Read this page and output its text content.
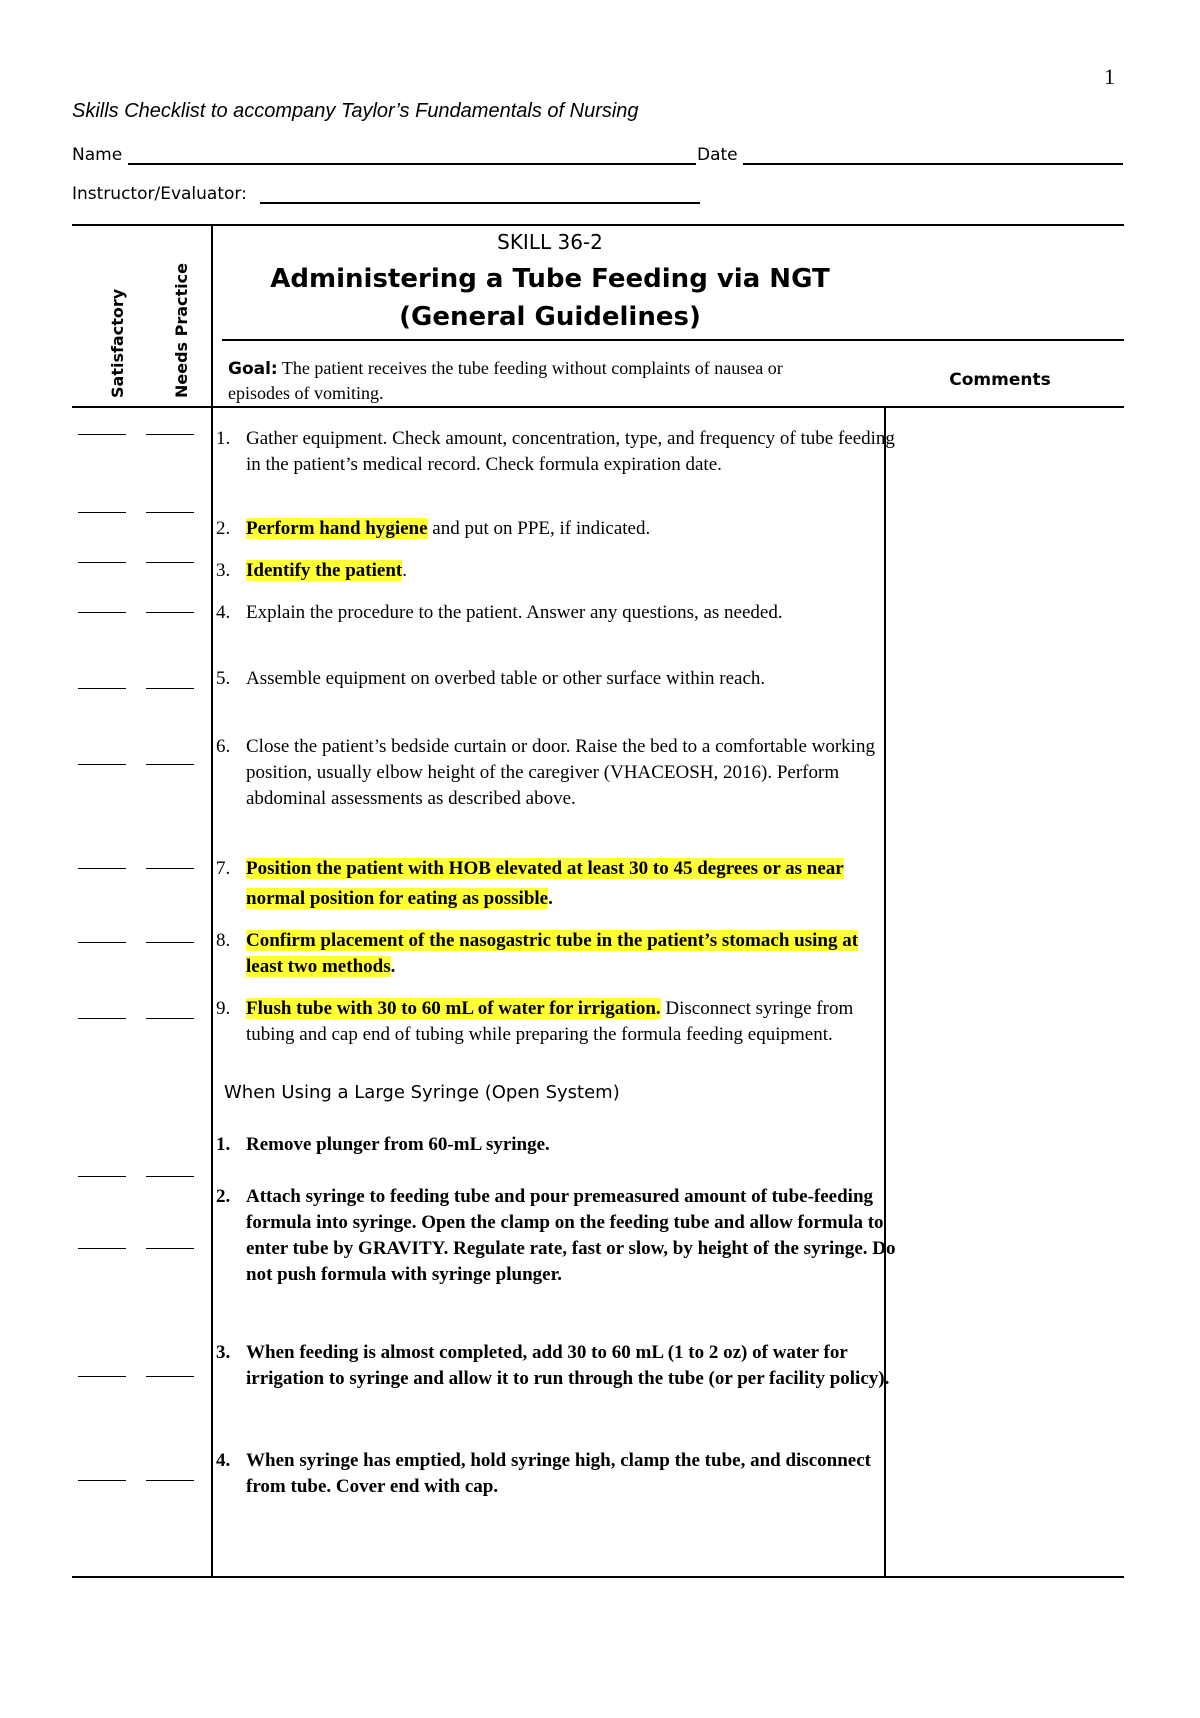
1
Skills Checklist to accompany Taylor’s Fundamentals of Nursing
Name	Date
Instructor/Evaluator:
Satisfactory	Needs Practice
SKILL 36-2
Administering a Tube Feeding via NGT
(General Guidelines)
Goal: The patient receives the tube feeding without complaints of nausea or episodes of vomiting.
Comments
1. Gather equipment. Check amount, concentration, type, and frequency of tube feeding in the patient’s medical record. Check formula expiration date.
2. Perform hand hygiene and put on PPE, if indicated.
3. Identify the patient.
4. Explain the procedure to the patient. Answer any questions, as needed.
5. Assemble equipment on overbed table or other surface within reach.
6. Close the patient’s bedside curtain or door. Raise the bed to a comfortable working position, usually elbow height of the caregiver (VHACEOSH, 2016). Perform abdominal assessments as described above.
7. Position the patient with HOB elevated at least 30 to 45 degrees or as near normal position for eating as possible.
8. Confirm placement of the nasogastric tube in the patient’s stomach using at least two methods.
9. Flush tube with 30 to 60 mL of water for irrigation. Disconnect syringe from tubing and cap end of tubing while preparing the formula feeding equipment.
When Using a Large Syringe (Open System)
1. Remove plunger from 60-mL syringe.
2. Attach syringe to feeding tube and pour premeasured amount of tube-feeding formula into syringe. Open the clamp on the feeding tube and allow formula to enter tube by GRAVITY. Regulate rate, fast or slow, by height of the syringe. Do not push formula with syringe plunger.
3. When feeding is almost completed, add 30 to 60 mL (1 to 2 oz) of water for irrigation to syringe and allow it to run through the tube (or per facility policy).
4. When syringe has emptied, hold syringe high, clamp the tube, and disconnect from tube. Cover end with cap.
